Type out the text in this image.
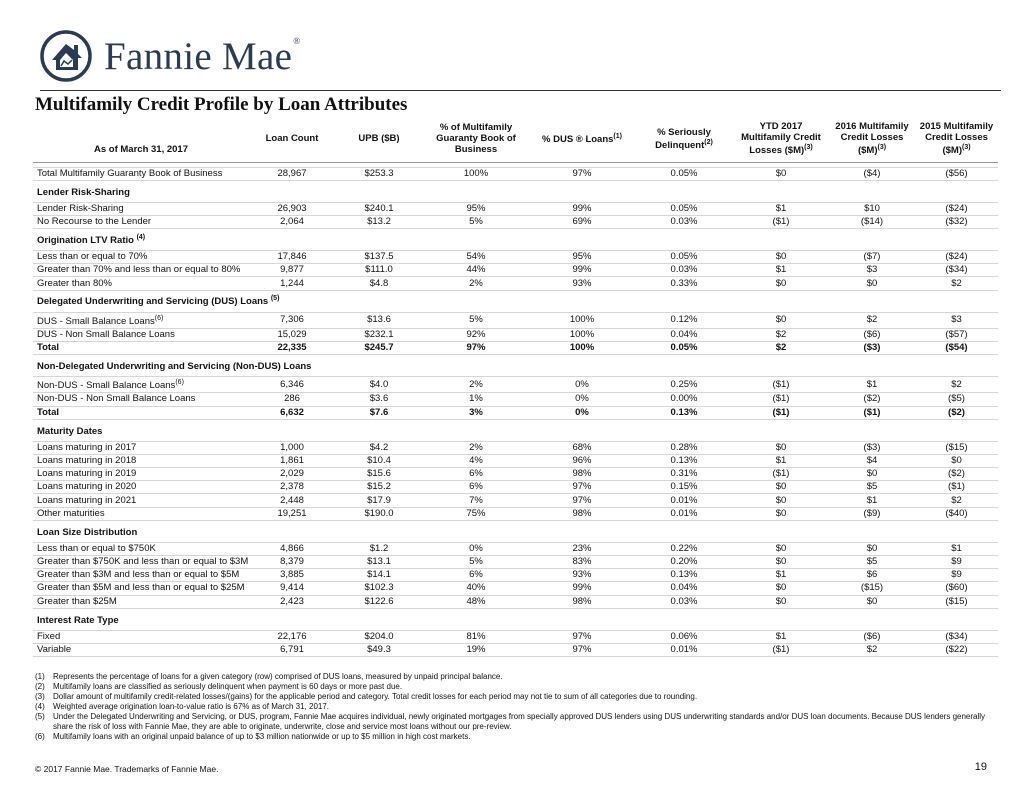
Fannie Mae®
Multifamily Credit Profile by Loan Attributes
As of March 31, 2017	Loan Count	UPB ($B)	% of Multifamily Guaranty Book of Business	% DUS ® Loans$^{(1)}$	% Seriously Delinquent$^{(2)}$	YTD 2017 Multifamily Credit Losses ($M)$^{(3)}$	2016 Multifamily Credit Losses ($M)$^{(3)}$	2015 Multifamily Credit Losses ($M)$^{(3)}$

Total Multifamily Guaranty Book of Business	28,967	$253.3	100%	97%	0.05%	$0	($4)	($56)
Lender Risk-Sharing								
Lender Risk-Sharing	26,903	$240.1	95%	99%	0.05%	$1	$10	($24)
No Recourse to the Lender	2,064	$13.2	5%	69%	0.03%	($1)	($14)	($32)
Origination LTV Ratio $^{(4)}$
Less than or equal to 70%	17,846	$137.5	54%	95%	0.05%	$0	($7)	($24)
Greater than 70% and less than or equal to 80%	9,877	$111.0	44%	99%	0.03%	$1	$3	($34)
Greater than 80%	1,244	$4.8	2%	93%	0.33%	$0	$0	$2
Delegated Underwriting and Servicing (DUS) Loans $^{(5)}$
DUS - Small Balance Loans$^{(6)}$	7,306	$13.6	5%	100%	0.12%	$0	$2	$3
DUS - Non Small Balance Loans	15,029	$232.1	92%	100%	0.04%	$2	($6)	($57)
Total	22,335	$245.7	97%	100%	0.05%	$2	($3)	($54)
Non-Delegated Underwriting and Servicing (Non-DUS) Loans								
Non-DUS - Small Balance Loans$^{(6)}$	6,346	$4.0	2%	0%	0.25%	($1)	$1	$2
Non-DUS - Non Small Balance Loans	286	$3.6	1%	0%	0.00%	($1)	($2)	($5)
Total	6,632	$7.6	3%	0%	0.13%	($1)	($1)	($2)
Maturity Dates								
Loans maturing in 2017	1,000	$4.2	2%	68%	0.28%	$0	($3)	($15)
Loans maturing in 2018	1,861	$10.4	4%	96%	0.13%	$1	$4	$0
Loans maturing in 2019	2,029	$15.6	6%	98%	0.31%	($1)	$0	($2)
Loans maturing in 2020	2,378	$15.2	6%	97%	0.15%	$0	$5	($1)
Loans maturing in 2021	2,448	$17.9	7%	97%	0.01%	$0	$1	$2
Other maturities	19,251	$190.0	75%	98%	0.01%	$0	($9)	($40)
Loan Size Distribution								
Less than or equal to $750K	4,866	$1.2	0%	23%	0.22%	$0	$0	$1
Greater than $750K and less than or equal to $3M	8,379	$13.1	5%	83%	0.20%	$0	$5	$9
Greater than $3M and less than or equal to $5M	3,885	$14.1	6%	93%	0.13%	$1	$6	$9
Greater than $5M and less than or equal to $25M	9,414	$102.3	40%	99%	0.04%	$0	($15)	($60)
Greater than $25M	2,423	$122.6	48%	98%	0.03%	$0	$0	($15)
Interest Rate Type								
Fixed	22,176	$204.0	81%	97%	0.06%	$1	($6)	($34)
Variable	6,791	$49.3	19%	97%	0.01%	($1)	$2	($22)
(1)	Represents the percentage of loans for a given category (row) comprised of DUS loans, measured by unpaid principal balance.
(2)	Multifamily loans are classified as seriously delinquent when payment is 60 days or more past due.
(3)	Dollar amount of multifamily credit-related losses/(gains) for the applicable period and category. Total credit losses for each period may not tie to sum of all categories due to rounding.
(4)	Weighted average origination loan-to-value ratio is 67% as of March 31, 2017.
(5)	Under the Delegated Underwriting and Servicing, or DUS, program, Fannie Mae acquires individual, newly originated mortgages from specially approved DUS lenders using DUS underwriting standards and/or DUS loan documents. Because DUS lenders generally share the risk of loss with Fannie Mae, they are able to originate, underwrite, close and service most loans without our pre-review.
(6)	Multifamily loans with an original unpaid balance of up to $3 million nationwide or up to $5 million in high cost markets.
© 2017 Fannie Mae. Trademarks of Fannie Mae.	19
